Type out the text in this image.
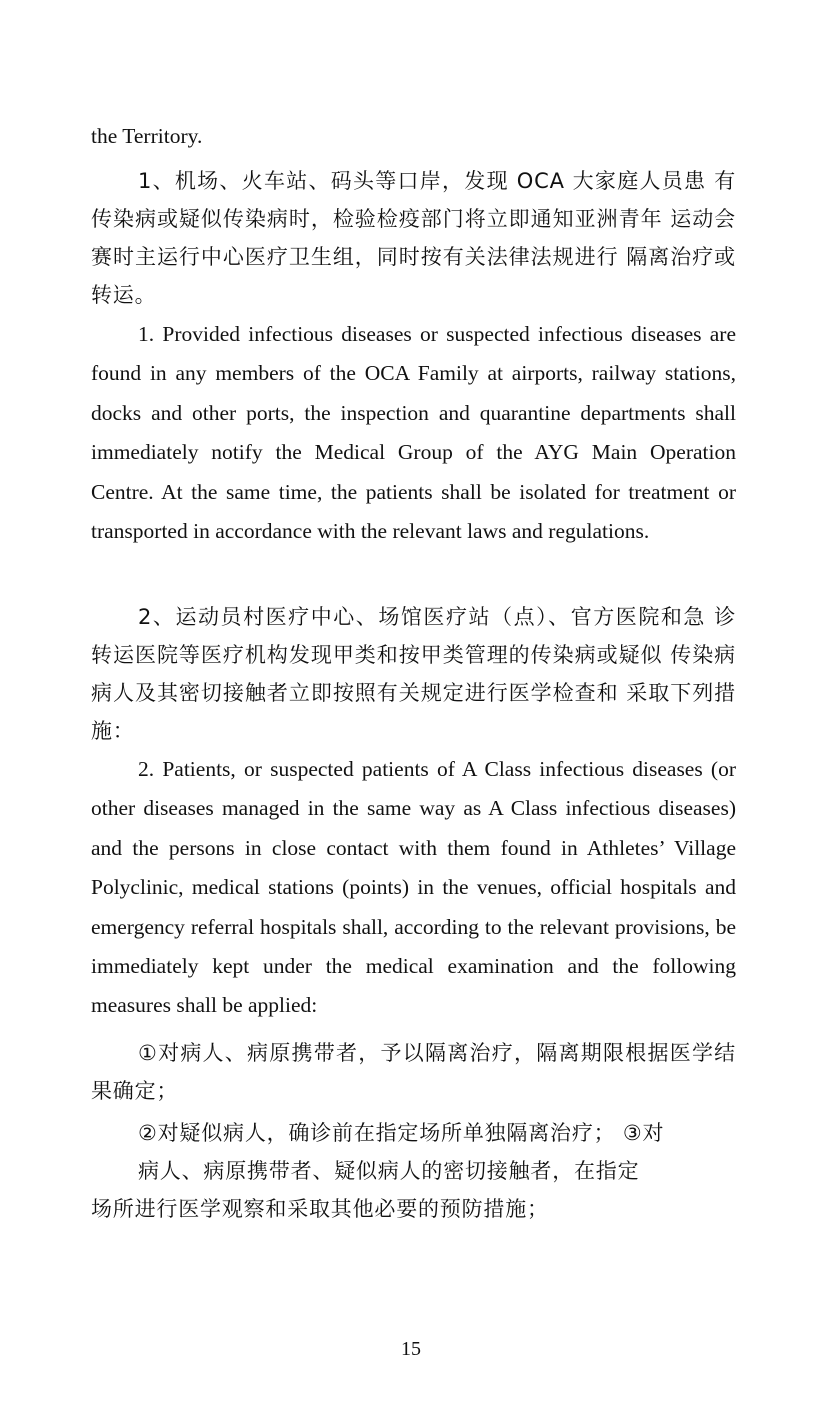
the Territory.

1、机场、火车站、码头等口岸，发现 OCA 大家庭人员患 有传染病或疑似传染病时，检验检疫部门将立即通知亚洲青年 运动会赛时主运行中心医疗卫生组，同时按有关法律法规进行 隔离治疗或转运。

1. Provided infectious diseases or suspected infectious diseases are found in any members of the OCA Family at airports, railway stations, docks and other ports, the inspection and quarantine departments shall immediately notify the Medical Group of the AYG Main Operation Centre. At the same time, the patients shall be isolated for treatment or transported in accordance with the relevant laws and regulations.

2、运动员村医疗中心、场馆医疗站（点）、官方医院和急 诊转运医院等医疗机构发现甲类和按甲类管理的传染病或疑似 传染病病人及其密切接触者立即按照有关规定进行医学检查和 采取下列措施：

2. Patients, or suspected patients of A Class infectious diseases (or other diseases managed in the same way as A Class infectious diseases) and the persons in close contact with them found in Athletes’ Village Polyclinic, medical stations (points) in the venues, official hospitals and emergency referral hospitals shall, according to the relevant provisions, be immediately kept under the medical examination and the following measures shall be applied:

①对病人、病原携带者，予以隔离治疗，隔离期限根据医学结果确定；

②对疑似病人，确诊前在指定场所单独隔离治疗； ③对

病人、病原携带者、疑似病人的密切接触者，在指定

场所进行医学观察和采取其他必要的预防措施；

15
